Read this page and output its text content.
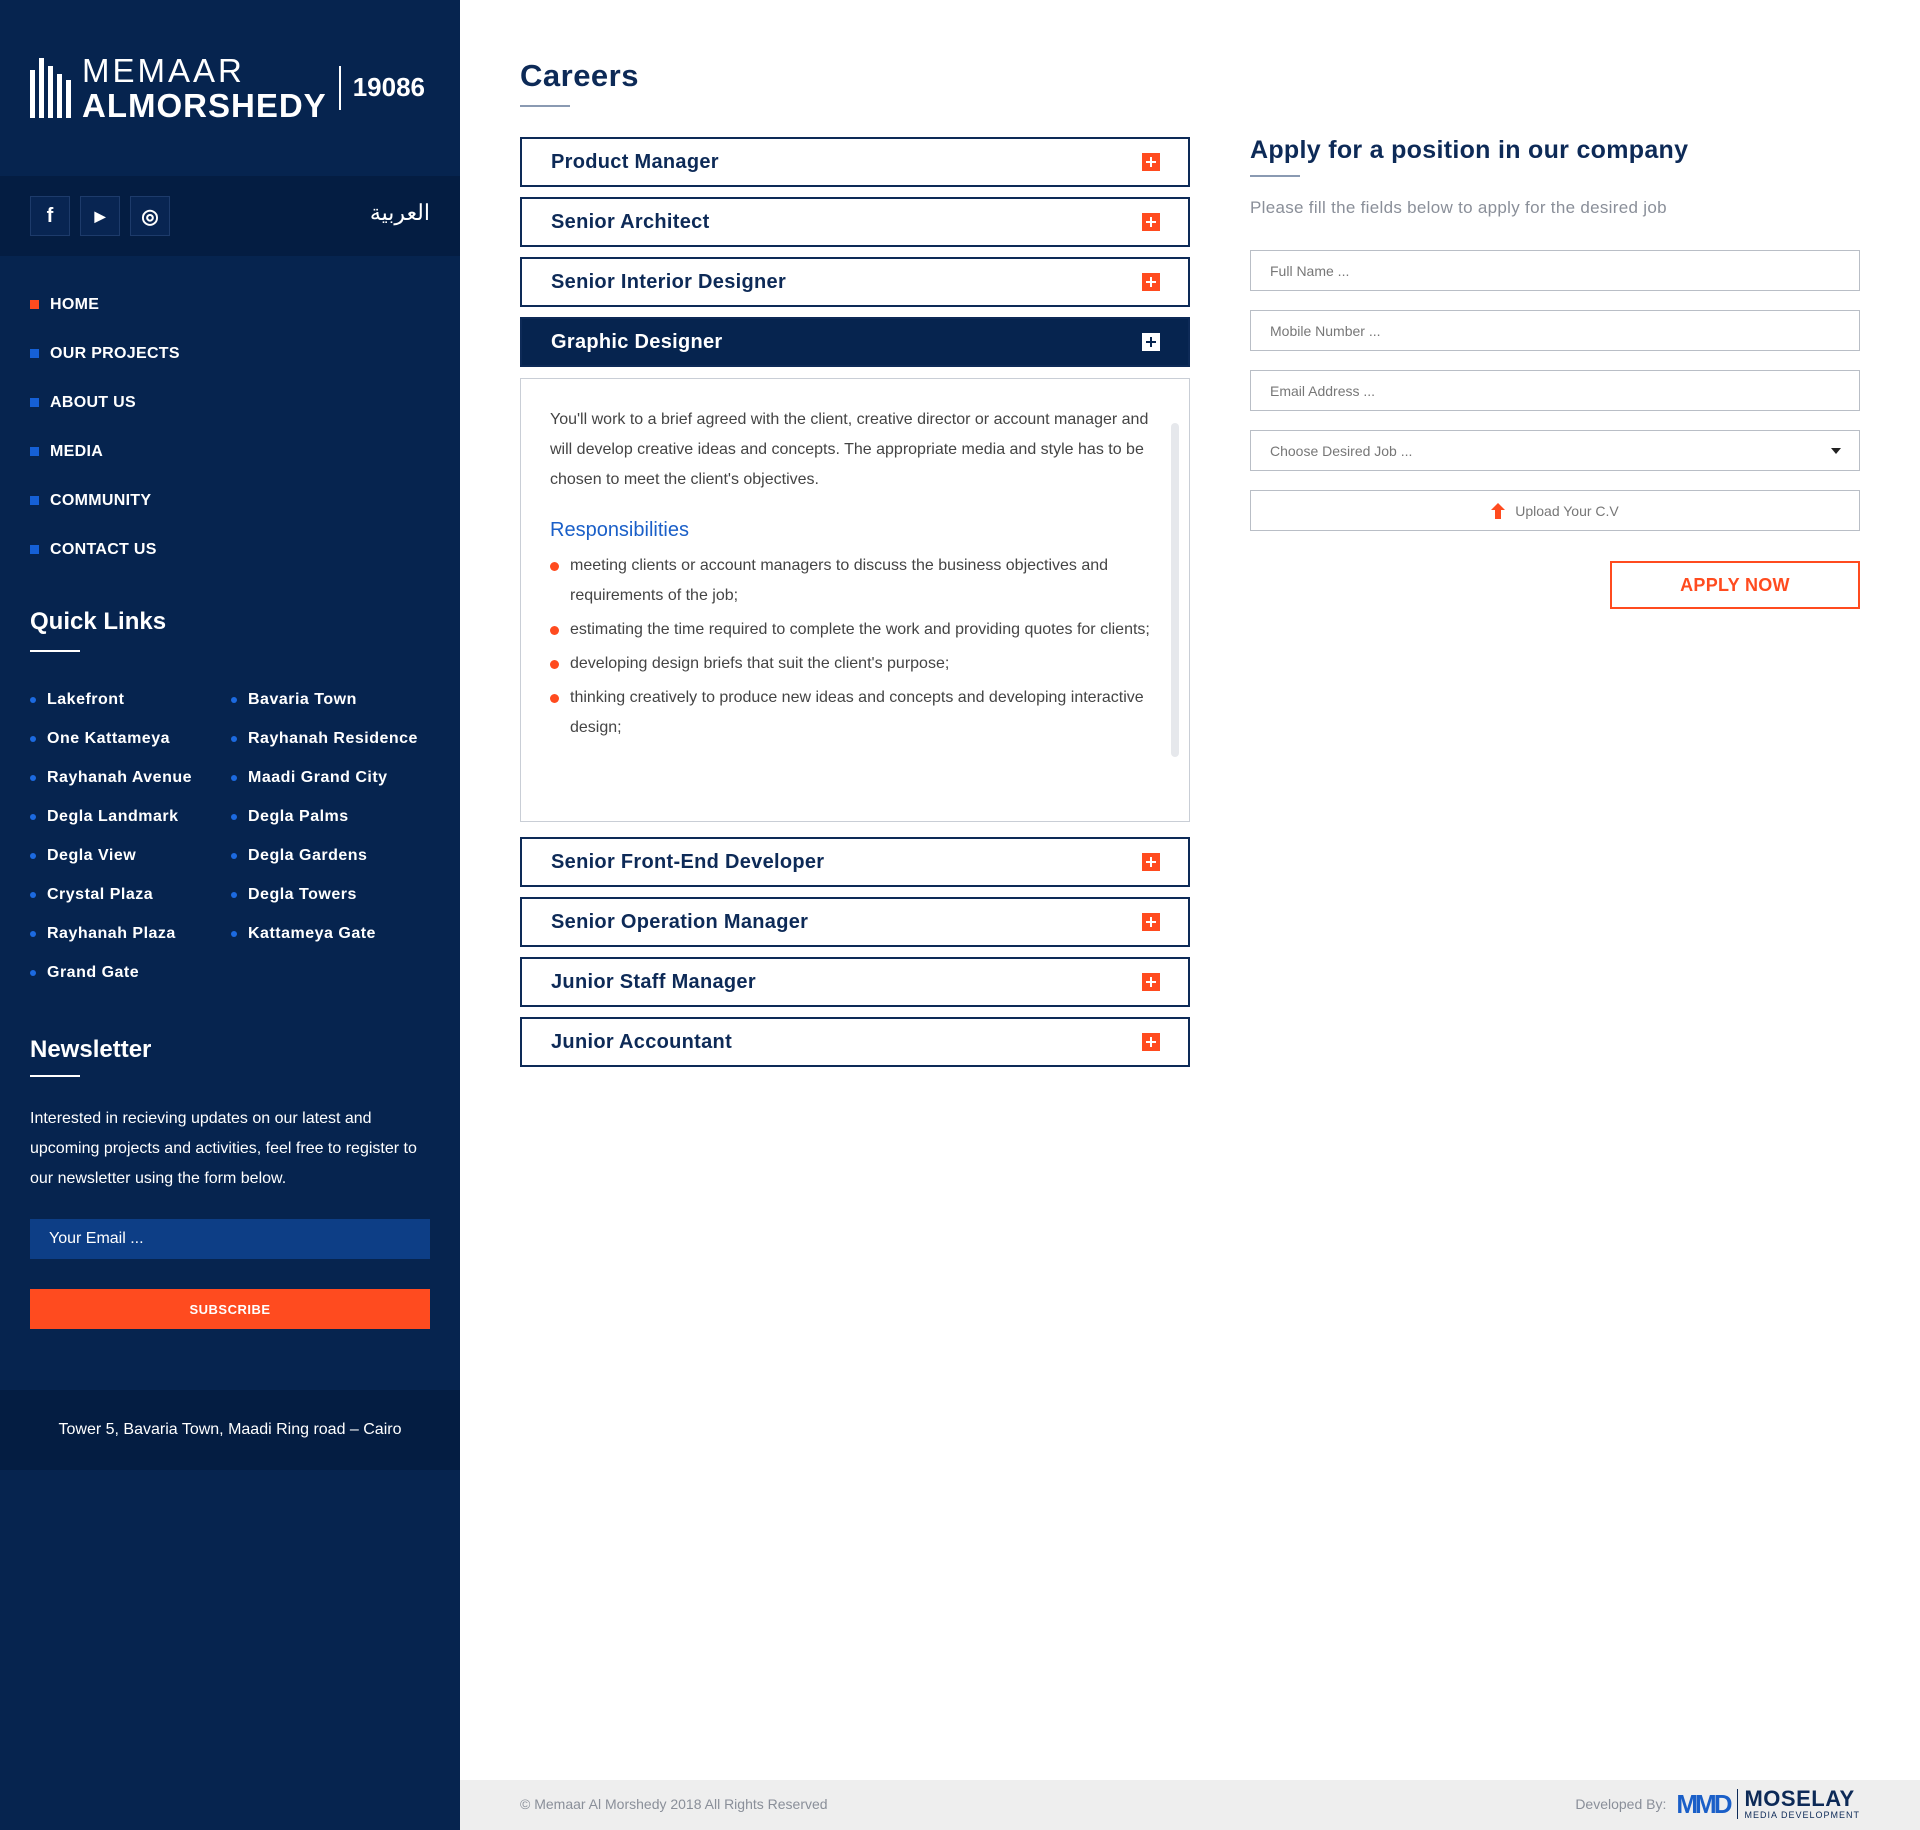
MEMAAR
ALMORSHEDY 19086
f	▶	◎	العربية
HOME
OUR PROJECTS
ABOUT US
MEDIA
COMMUNITY
CONTACT US
Quick Links
Lakefront
One Kattameya
Rayhanah Avenue
Degla Landmark
Degla View
Crystal Plaza
Rayhanah Plaza
Grand Gate
Bavaria Town
Rayhanah Residence
Maadi Grand City
Degla Palms
Degla Gardens
Degla Towers
Kattameya Gate
Newsletter

Interested in recieving updates on our latest and upcoming projects and activities, feel free to register to our newsletter using the form below.

Your Email ...
SUBSCRIBE
Tower 5, Bavaria Town, Maadi Ring road – Cairo
Careers
Product Manager
Senior Architect
Senior Interior Designer
Graphic Designer

You'll work to a brief agreed with the client, creative director or account manager and will develop creative ideas and concepts. The appropriate media and style has to be chosen to meet the client's objectives.

Responsibilities
meeting clients or account managers to discuss the business objectives and requirements of the job;
estimating the time required to complete the work and providing quotes for clients;
developing design briefs that suit the client's purpose;
thinking creatively to produce new ideas and concepts and developing interactive design;
Senior Front-End Developer
Senior Operation Manager
Junior Staff Manager
Junior Accountant
Apply for a position in our company

Please fill the fields below to apply for the desired job

Full Name ...
Mobile Number ...
Email Address ...
Choose Desired Job ...
Upload Your C.V
APPLY NOW
© Memaar Al Morshedy 2018 All Rights Reserved	Developed By: MMD MOSELAY
MEDIA DEVELOPMENT
